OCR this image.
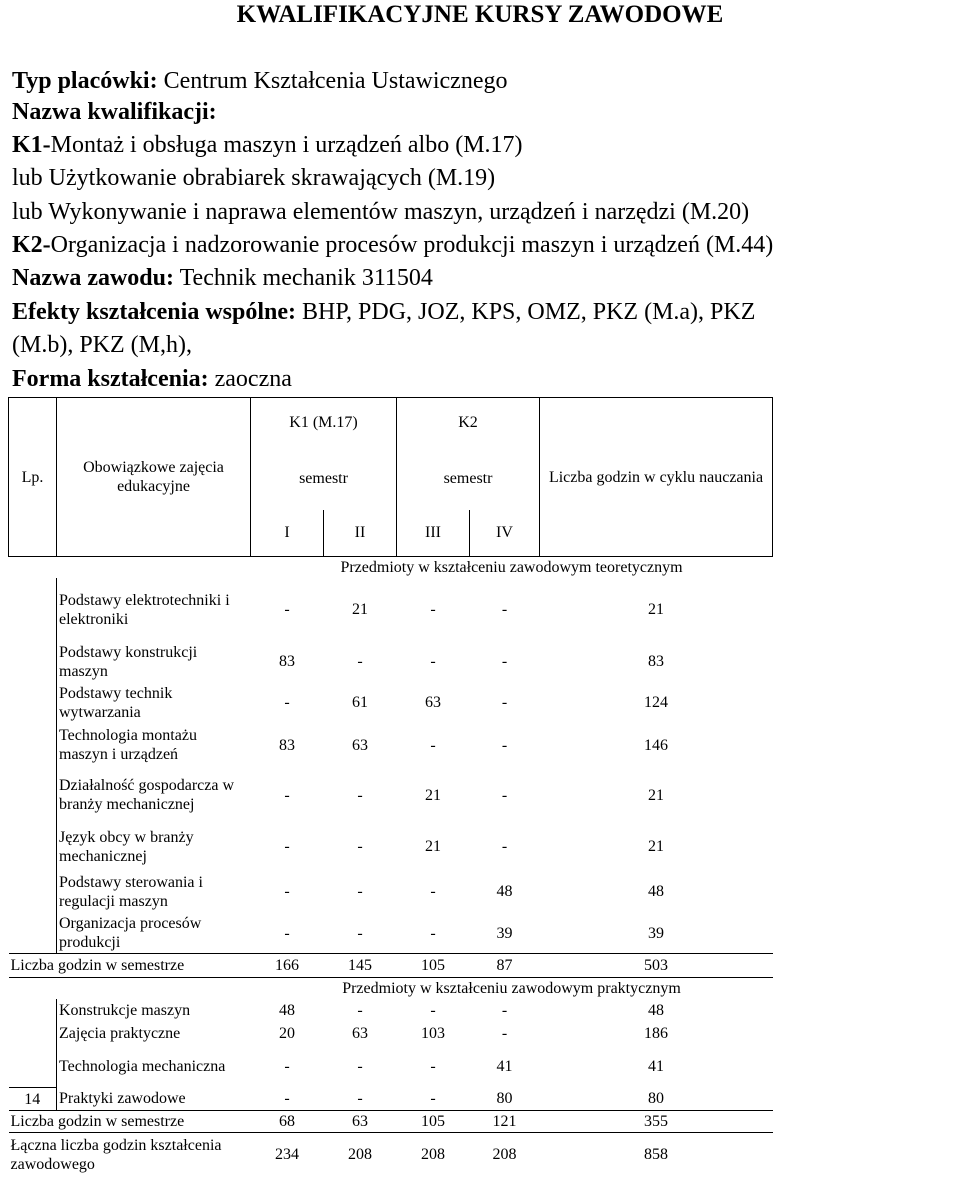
KWALIFIKACYJNE KURSY ZAWODOWE
Typ placówki: Centrum Kształcenia Ustawicznego
Nazwa kwalifikacji:
K1-Montaż i obsługa maszyn i urządzeń albo (M.17)
lub Użytkowanie obrabiarek skrawających (M.19)
lub Wykonywanie i naprawa elementów maszyn, urządzeń i narzędzi (M.20)
K2-Organizacja i nadzorowanie procesów produkcji maszyn i urządzeń (M.44)
Nazwa zawodu: Technik mechanik 311504
Efekty kształcenia wspólne: BHP, PDG, JOZ, KPS, OMZ, PKZ (M.a), PKZ
(M.b), PKZ (M,h),
Forma kształcenia: zaoczna
Lp.	Obowiązkowe zajęcia edukacyjne	K1 (M.17)		K2		Liczba godzin w cyklu nauczania
		semestr		semestr		
		I	II	III	IV	
		Przedmioty w kształceniu zawodowym teoretycznym				
	Podstawy elektrotechniki i elektroniki	-	21	-	-	21
	Podstawy konstrukcji maszyn	83	-	-	-	83
	Podstawy technik wytwarzania	-	61	63	-	124
	Technologia montażu maszyn i urządzeń	83	63	-	-	146
	Działalność gospodarcza w branży mechanicznej	-	-	21	-	21
	Język obcy w branży mechanicznej	-	-	21	-	21
	Podstawy sterowania i regulacji maszyn	-	-	-	48	48
	Organizacja procesów produkcji	-	-	-	39	39
Liczba godzin w semestrze		166	145	105	87	503
		Przedmioty w kształceniu zawodowym praktycznym				
	Konstrukcje maszyn	48	-	-	-	48
	Zajęcia praktyczne	20	63	103	-	186
	Technologia mechaniczna	-	-	-	41	41
14	Praktyki zawodowe	-	-	-	80	80
Liczba godzin w semestrze		68	63	105	121	355
Łączna liczba godzin kształcenia zawodowego		234	208	208	208	858
